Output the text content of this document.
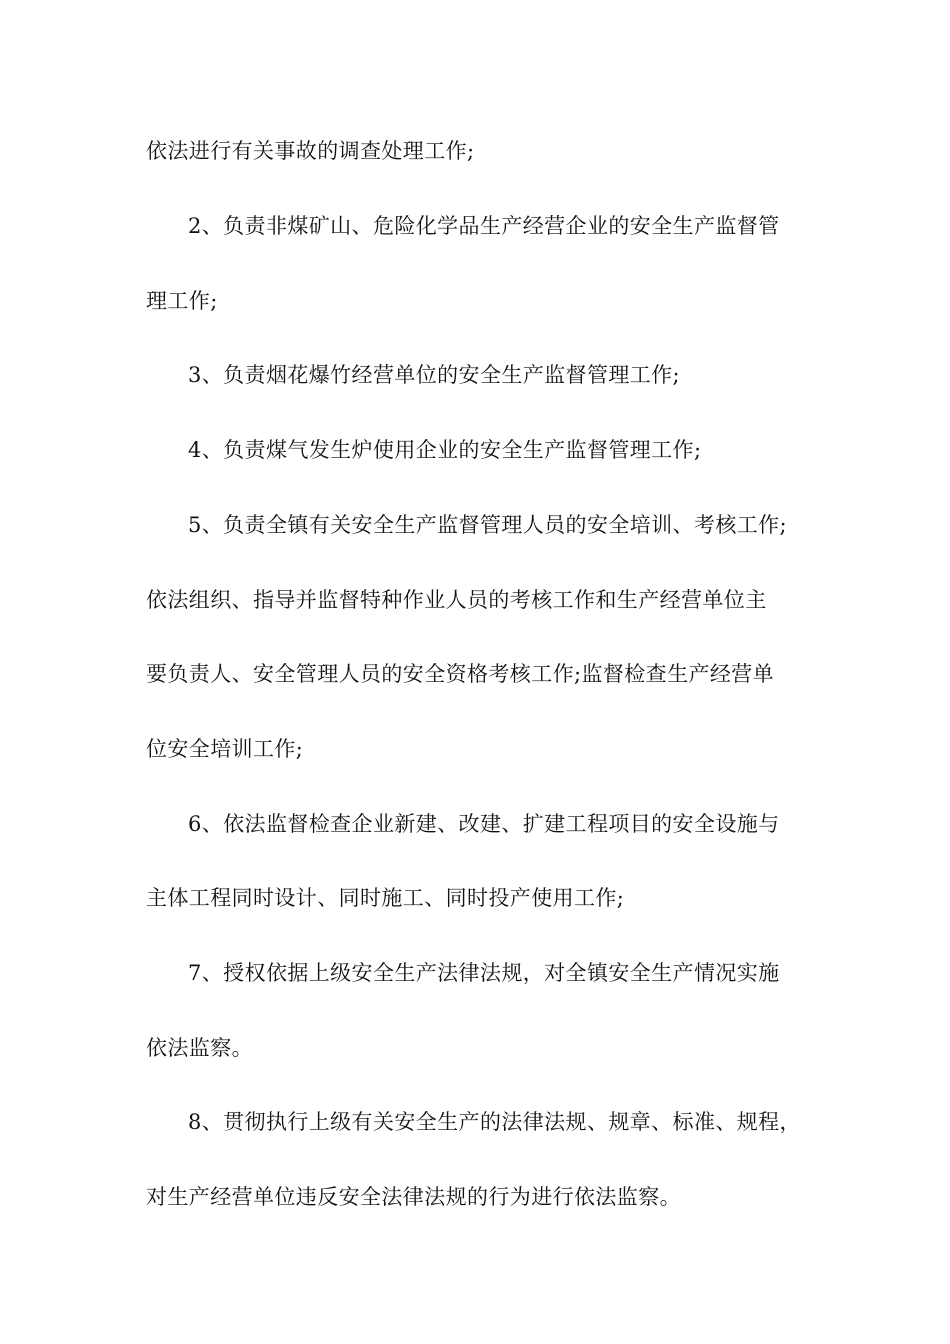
依法进行有关事故的调查处理工作;
2、负责非煤矿山、危险化学品生产经营企业的安全生产监督管
理工作;
3、负责烟花爆竹经营单位的安全生产监督管理工作;
4、负责煤气发生炉使用企业的安全生产监督管理工作;
5、负责全镇有关安全生产监督管理人员的安全培训、考核工作;
依法组织、指导并监督特种作业人员的考核工作和生产经营单位主
要负责人、安全管理人员的安全资格考核工作;监督检查生产经营单
位安全培训工作;
6、依法监督检查企业新建、改建、扩建工程项目的安全设施与
主体工程同时设计、同时施工、同时投产使用工作;
7、授权依据上级安全生产法律法规，对全镇安全生产情况实施
依法监察。
8、贯彻执行上级有关安全生产的法律法规、规章、标准、规程，
对生产经营单位违反安全法律法规的行为进行依法监察。
